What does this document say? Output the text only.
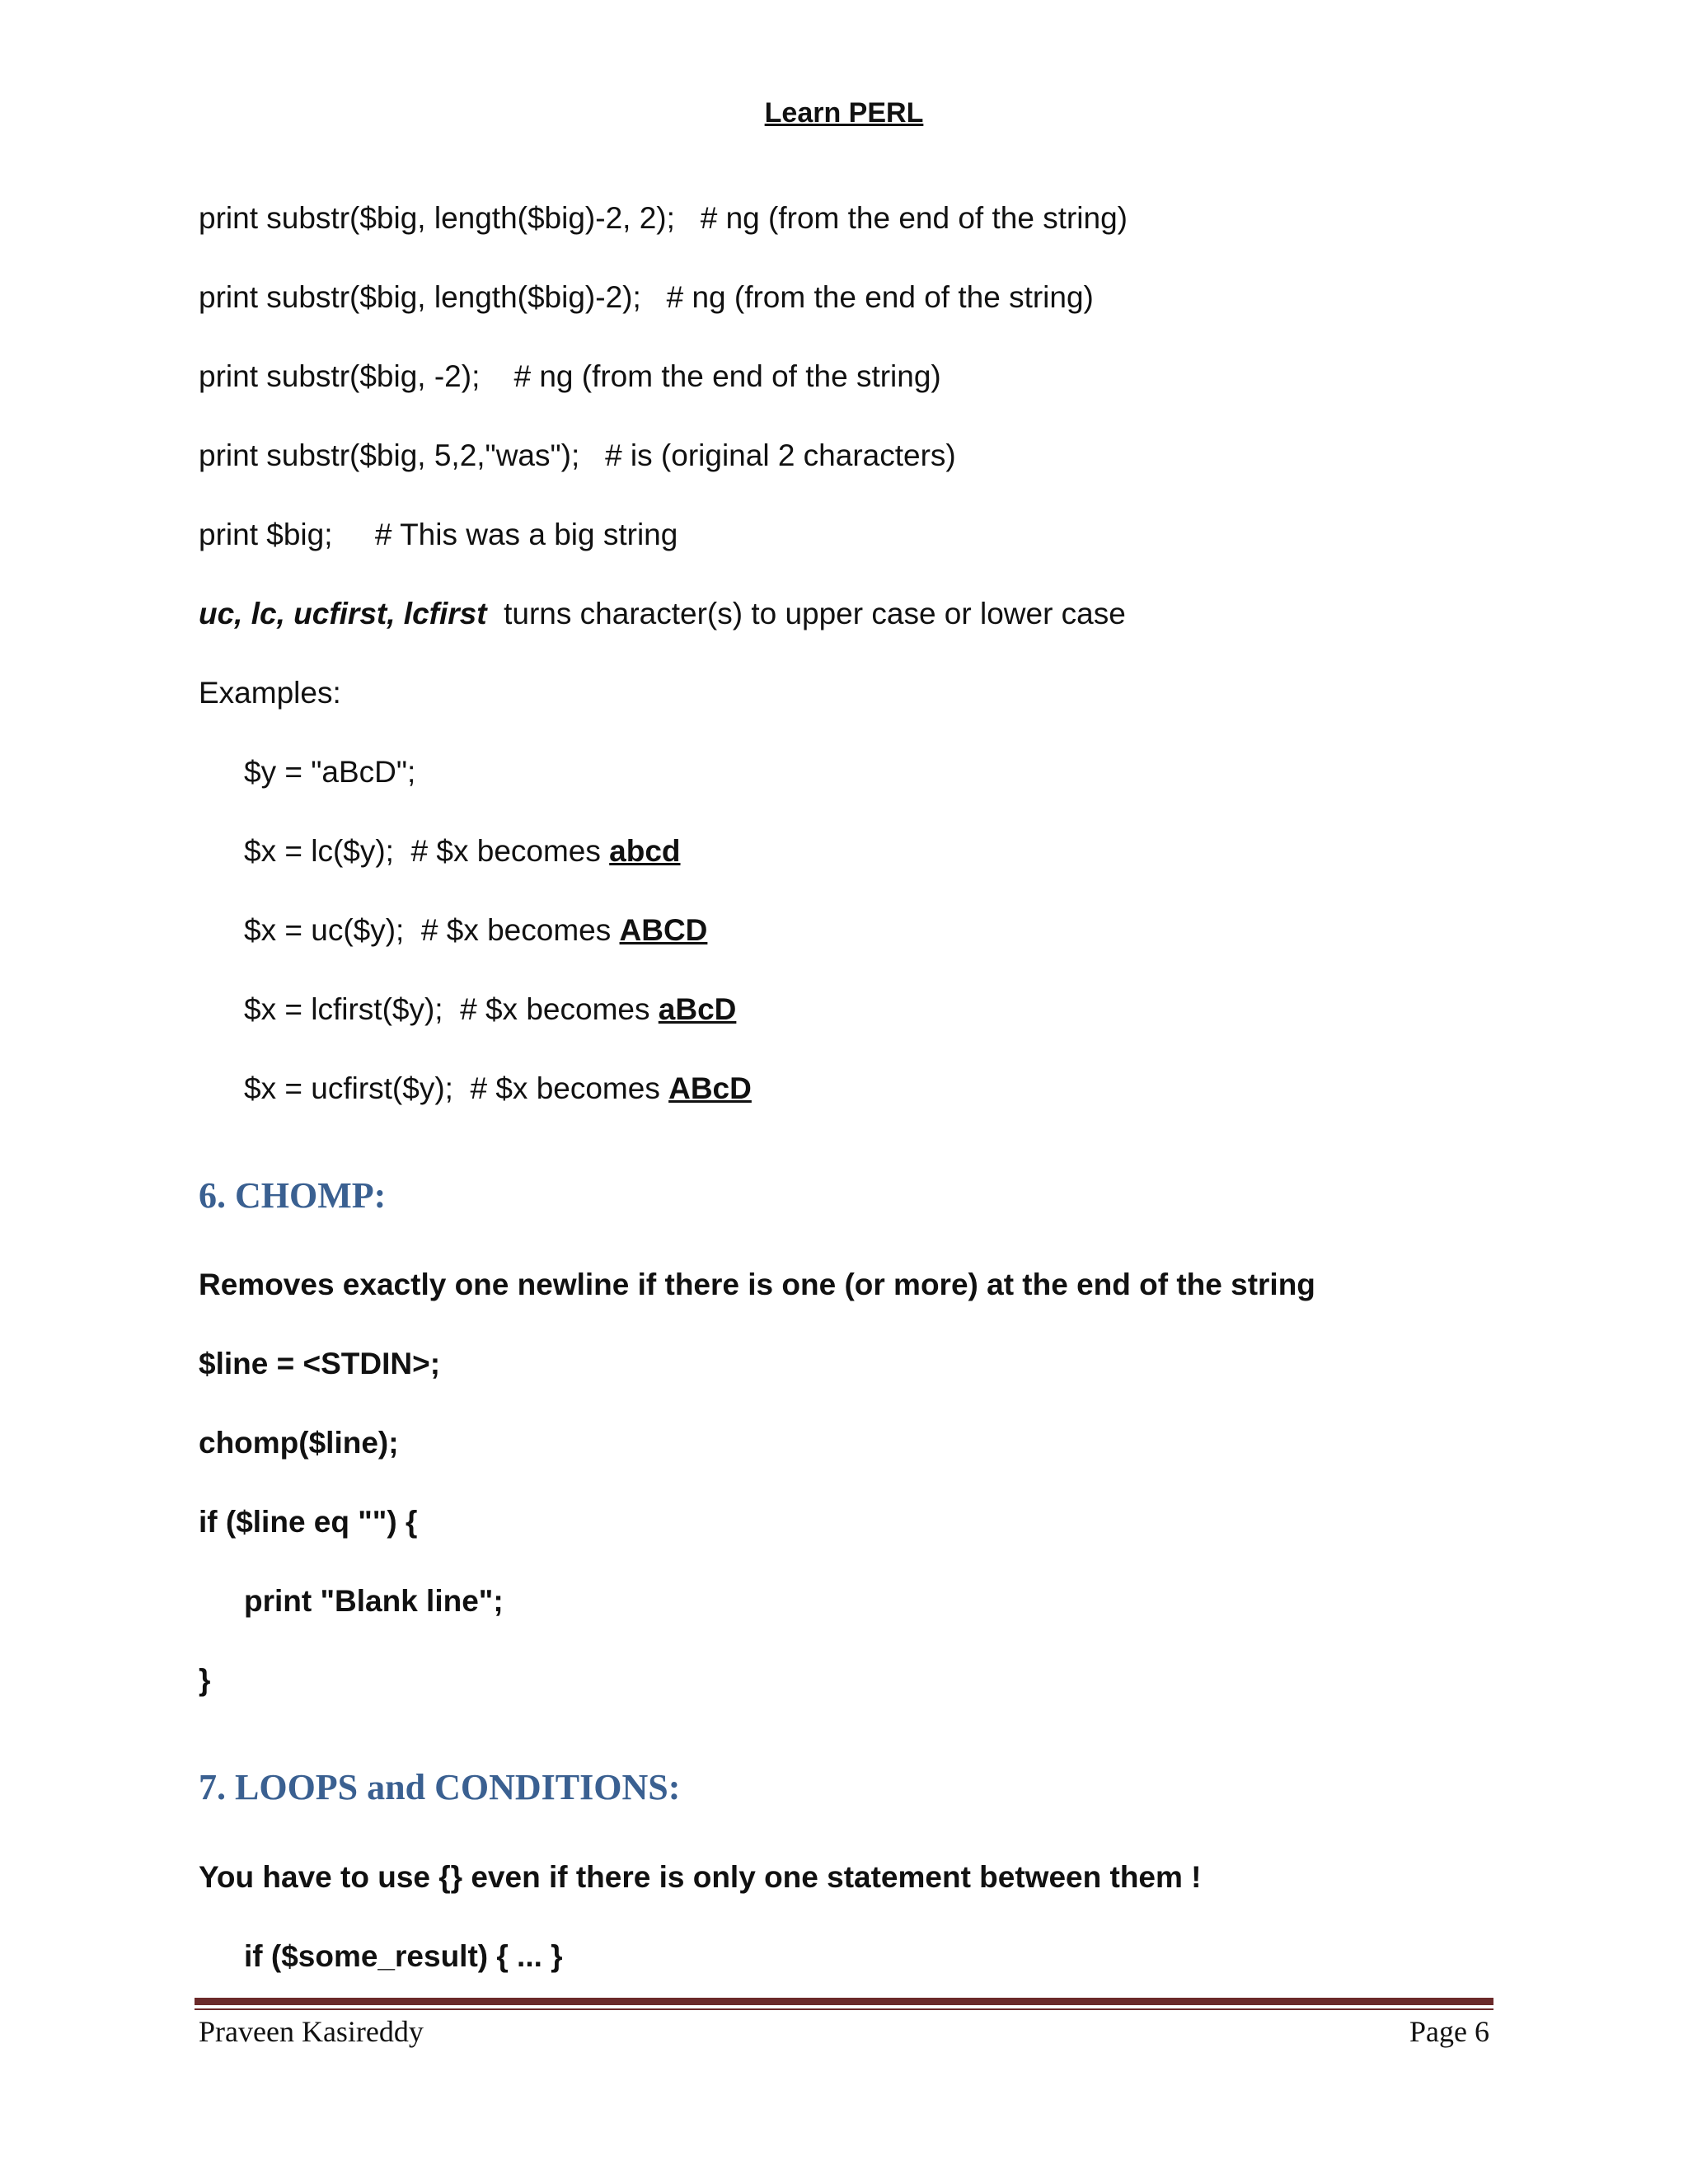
Learn PERL
print substr($big, length($big)-2, 2);   # ng (from the end of the string)
print substr($big, length($big)-2);   # ng (from the end of the string)
print substr($big, -2);    # ng (from the end of the string)
print substr($big, 5,2,"was");   # is (original 2 characters)
print $big;     # This was a big string
uc, lc, ucfirst, lcfirst  turns character(s) to upper case or lower case
Examples:
$y = "aBcD";
$x = lc($y);  # $x becomes abcd
$x = uc($y);  # $x becomes ABCD
$x = lcfirst($y);  # $x becomes aBcD
$x = ucfirst($y);  # $x becomes ABcD
6. CHOMP:
Removes exactly one newline if there is one (or more) at the end of the string
$line = <STDIN>;
chomp($line);
if ($line eq "") {
print "Blank line";
}
7. LOOPS and CONDITIONS:
You have to use {} even if there is only one statement between them !
if ($some_result) { ... }
Praveen Kasireddy	Page 6
